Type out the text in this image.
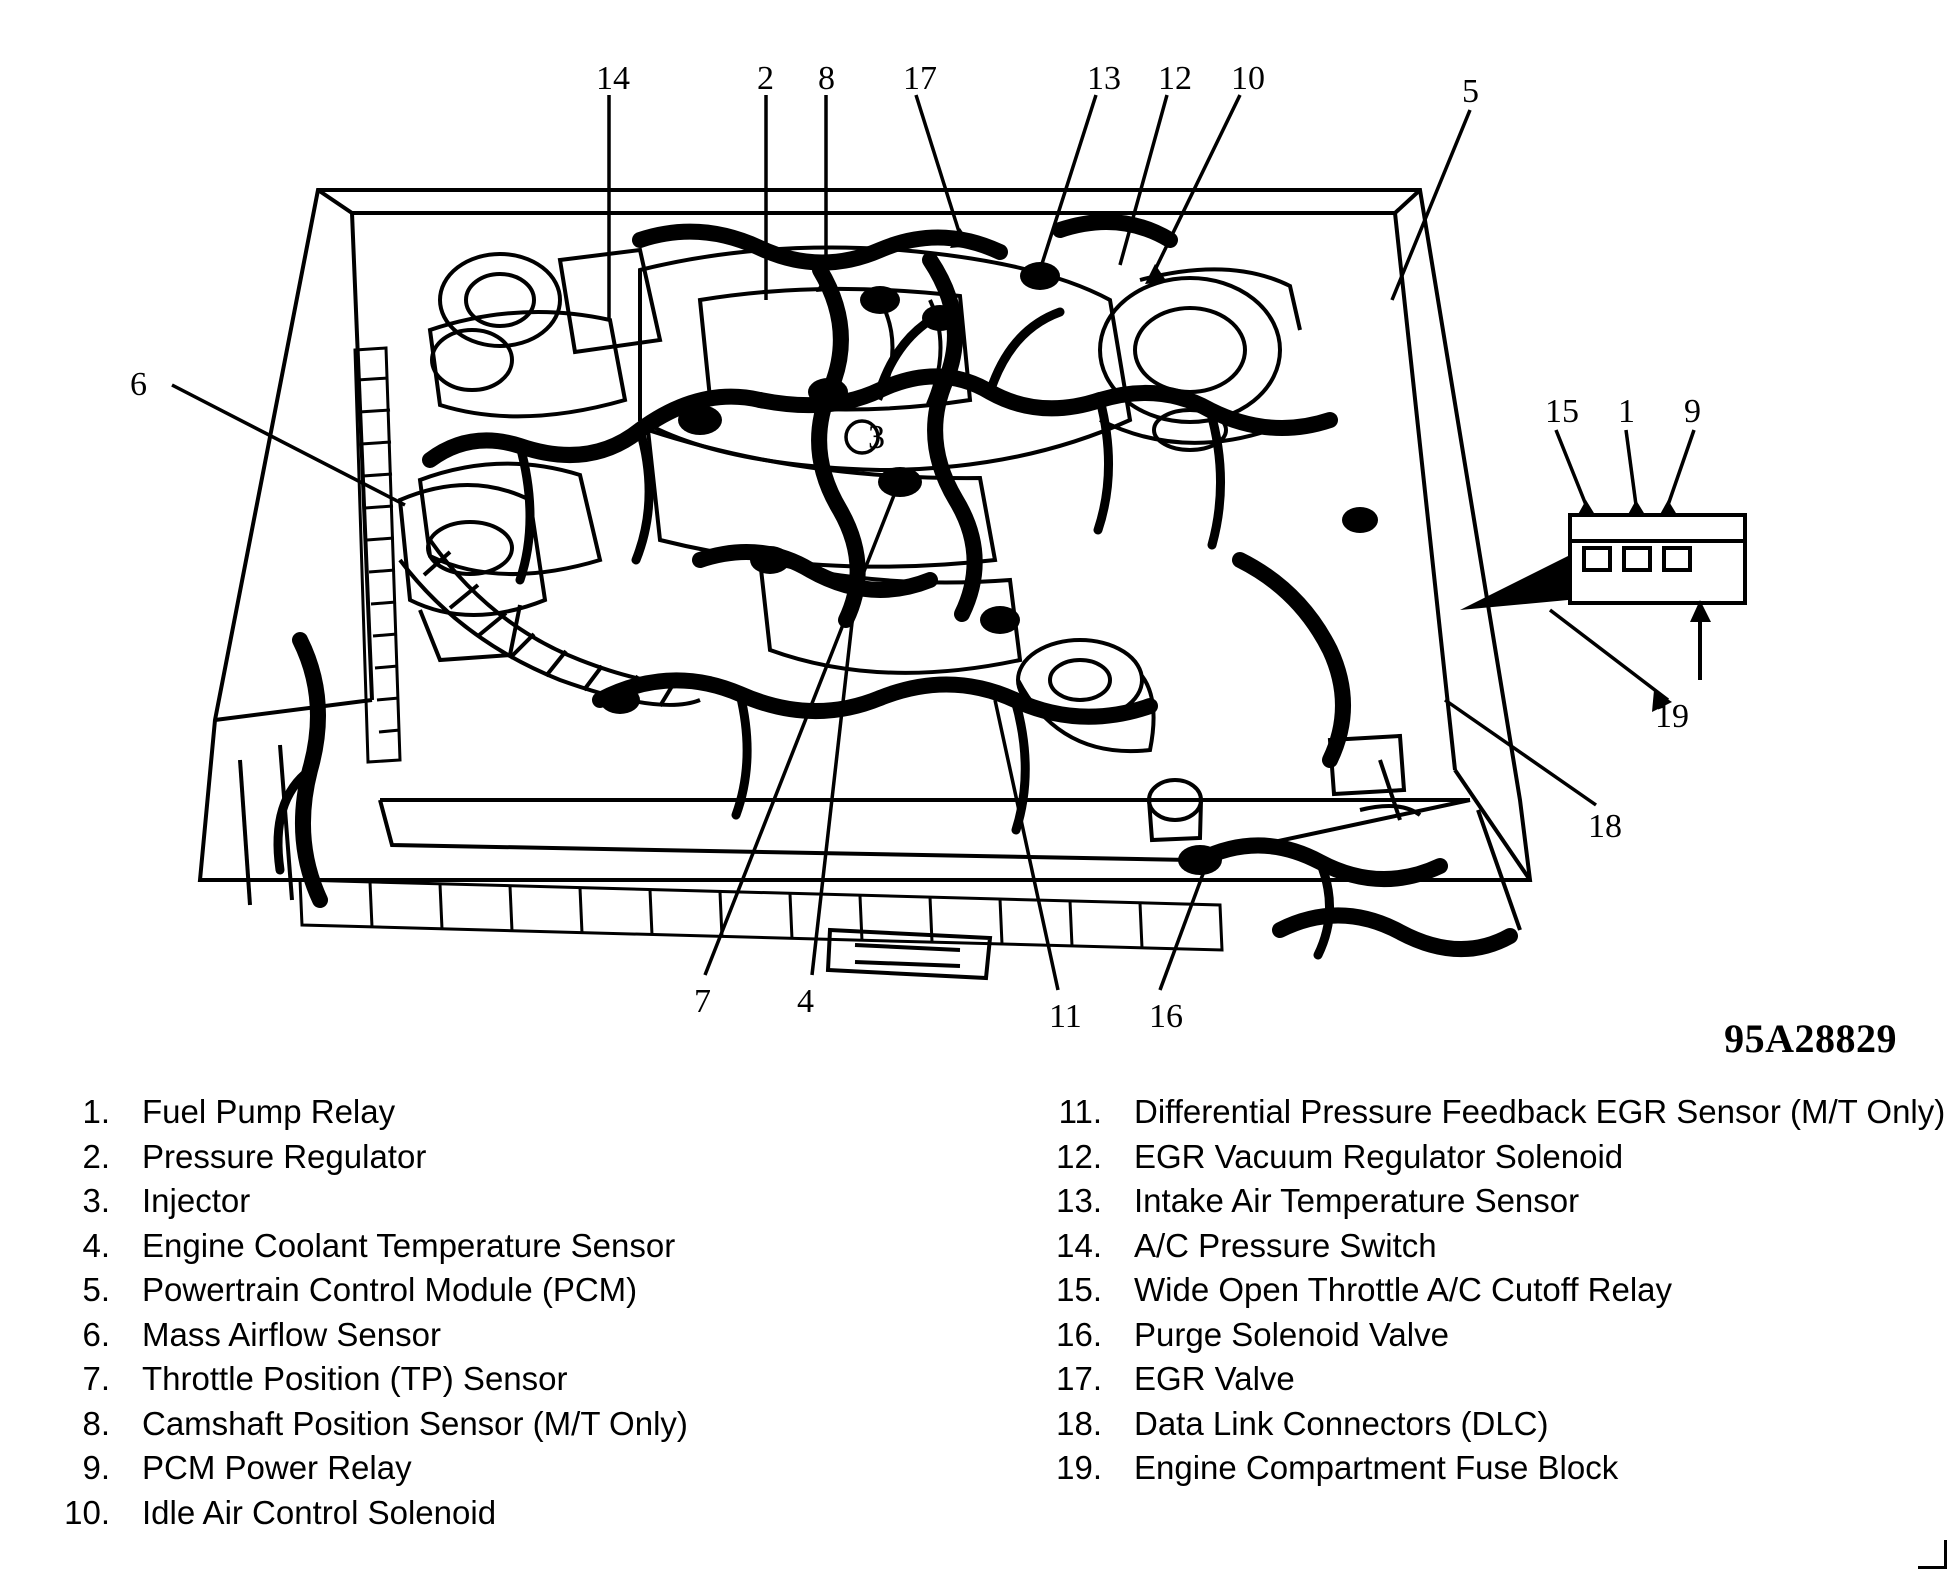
3
14	2 8 17	13 12 10	5
6
15 1 9
19
18
7	4	11 16	95A28829
1. Fuel Pump Relay
2. Pressure Regulator
3. Injector
4. Engine Coolant Temperature Sensor
5. Powertrain Control Module (PCM)
6. Mass Airflow Sensor
7. Throttle Position (TP) Sensor
8. Camshaft Position Sensor (M/T Only)
9. PCM Power Relay
10. Idle Air Control Solenoid
11. Differential Pressure Feedback EGR Sensor (M/T Only)
12. EGR Vacuum Regulator Solenoid
13. Intake Air Temperature Sensor
14. A/C Pressure Switch
15. Wide Open Throttle A/C Cutoff Relay
16. Purge Solenoid Valve
17. EGR Valve
18. Data Link Connectors (DLC)
19. Engine Compartment Fuse Block
